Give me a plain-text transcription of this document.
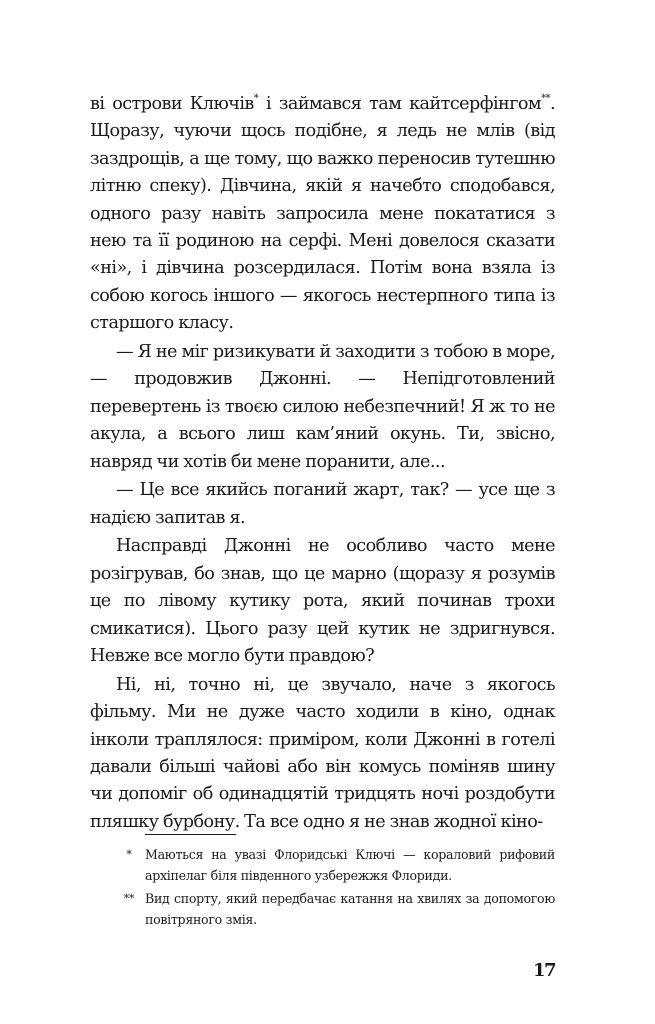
ві острови Ключів* і займався там кайтсерфінгом**. Щоразу, чуючи щось подібне, я ледь не млів (від заздрощів, а ще тому, що важко переносив тутешню літню спеку). Дівчина, якій я начебто сподобався, одного разу навіть запросила мене покататися з нею та її родиною на серфі. Мені довелося сказати «ні», і дівчина розсердилася. Потім вона взяла із собою когось іншого — якогось нестерпного типа із старшого класу.

— Я не міг ризикувати й заходити з тобою в море, — продовжив Джонні. — Непідготовлений перевертень із твоєю силою небезпечний! Я ж то не акула, а всього лиш кам’яний окунь. Ти, звісно, навряд чи хотів би мене поранити, але...

— Це все якийсь поганий жарт, так? — усе ще з надією запитав я.

Насправді Джонні не особливо часто мене розігрував, бо знав, що це марно (щоразу я розумів це по лівому кутику рота, який починав трохи смикатися). Цього разу цей кутик не здригнувся. Невже все могло бути правдою?

Ні, ні, точно ні, це звучало, наче з якогось фільму. Ми не дуже часто ходили в кіно, однак інколи траплялося: приміром, коли Джонні в готелі давали більші чайові або він комусь поміняв шину чи допоміг об одинадцятій тридцять ночі роздобути пляшку бурбону. Та все одно я не знав жодної кіно-

*	Маються на увазі Флоридські Ключі — кораловий рифовий архіпелаг біля південного узбережжя Флориди.
** Вид спорту, який передбачає катання на хвилях за допомогою повітряного змія.
17
